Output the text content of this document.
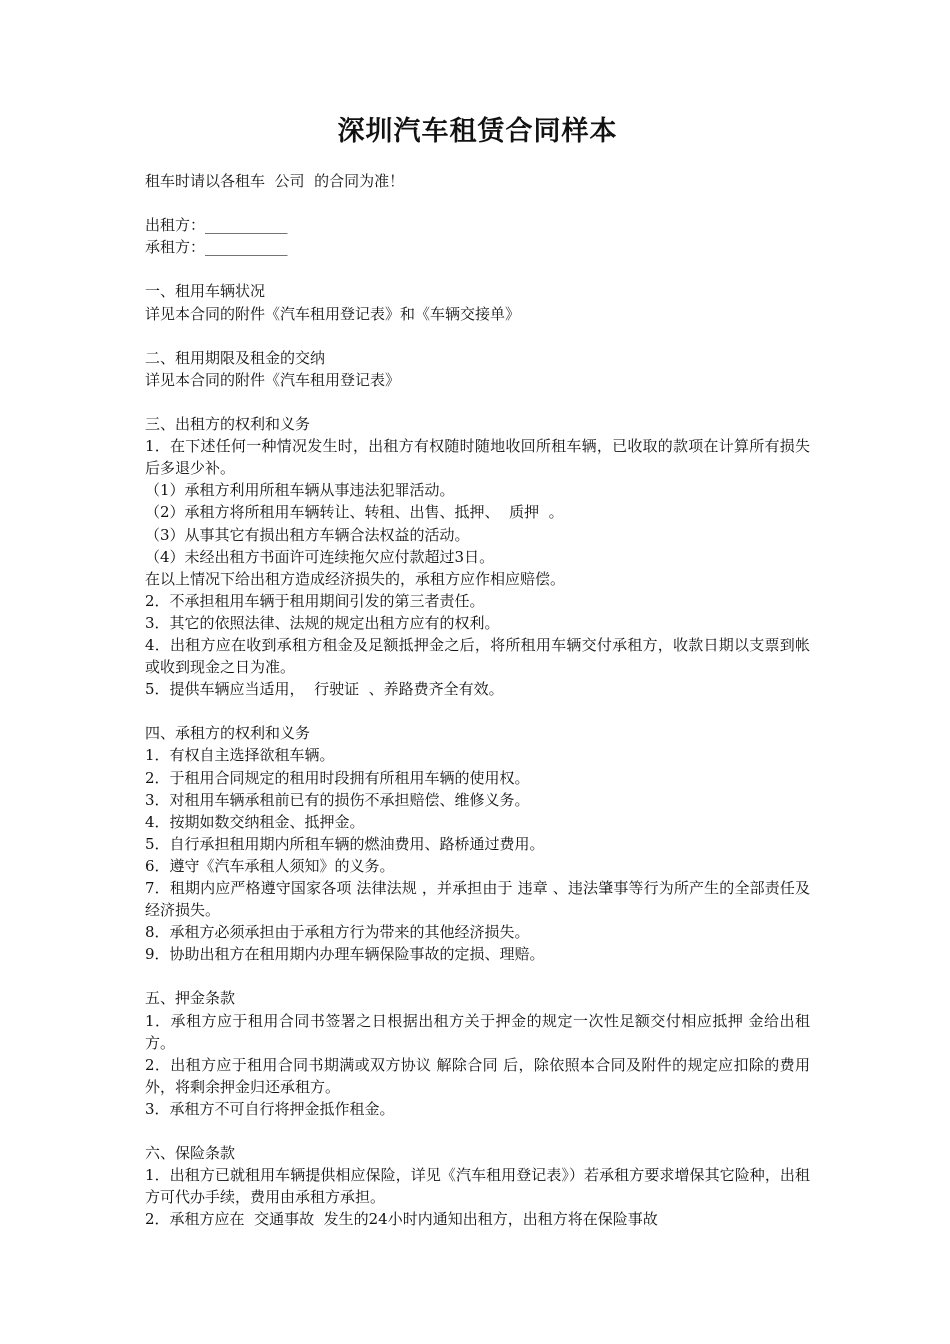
深圳汽车租赁合同样本
租车时请以各租车  公司  的合同为准！
出租方：___________
承租方：___________
一、租用车辆状况
详见本合同的附件《汽车租用登记表》和《车辆交接单》
二、租用期限及租金的交纳
详见本合同的附件《汽车租用登记表》
三、出租方的权利和义务
1．在下述任何一种情况发生时，出租方有权随时随地收回所租车辆，已收取的款项在计算所有损失后多退少补。
（1）承租方利用所租车辆从事违法犯罪活动。
（2）承租方将所租用车辆转让、转租、出售、抵押、  质押  。
（3）从事其它有损出租方车辆合法权益的活动。
（4）未经出租方书面许可连续拖欠应付款超过3日。
在以上情况下给出租方造成经济损失的，承租方应作相应赔偿。
2．不承担租用车辆于租用期间引发的第三者责任。
3．其它的依照法律、法规的规定出租方应有的权利。
4．出租方应在收到承租方租金及足额抵押金之后，将所租用车辆交付承租方，收款日期以支票到帐或收到现金之日为准。
5．提供车辆应当适用，  行驶证  、养路费齐全有效。
四、承租方的权利和义务
1．有权自主选择欲租车辆。
2．于租用合同规定的租用时段拥有所租用车辆的使用权。
3．对租用车辆承租前已有的损伤不承担赔偿、维修义务。
4．按期如数交纳租金、抵押金。
5．自行承担租用期内所租车辆的燃油费用、路桥通过费用。
6．遵守《汽车承租人须知》的义务。
7．租期内应严格遵守国家各项 法律法规 ，并承担由于 违章 、违法肇事等行为所产生的全部责任及经济损失。
8．承租方必须承担由于承租方行为带来的其他经济损失。
9．协助出租方在租用期内办理车辆保险事故的定损、理赔。
五、押金条款
1．承租方应于租用合同书签署之日根据出租方关于押金的规定一次性足额交付相应抵押 金给出租方。
2．出租方应于租用合同书期满或双方协议 解除合同 后，除依照本合同及附件的规定应扣除的费用外，将剩余押金归还承租方。
3．承租方不可自行将押金抵作租金。
六、保险条款
1．出租方已就租用车辆提供相应保险，详见《汽车租用登记表》）若承租方要求增保其它险种，出租方可代办手续，费用由承租方承担。
2．承租方应在  交通事故  发生的24小时内通知出租方，出租方将在保险事故
